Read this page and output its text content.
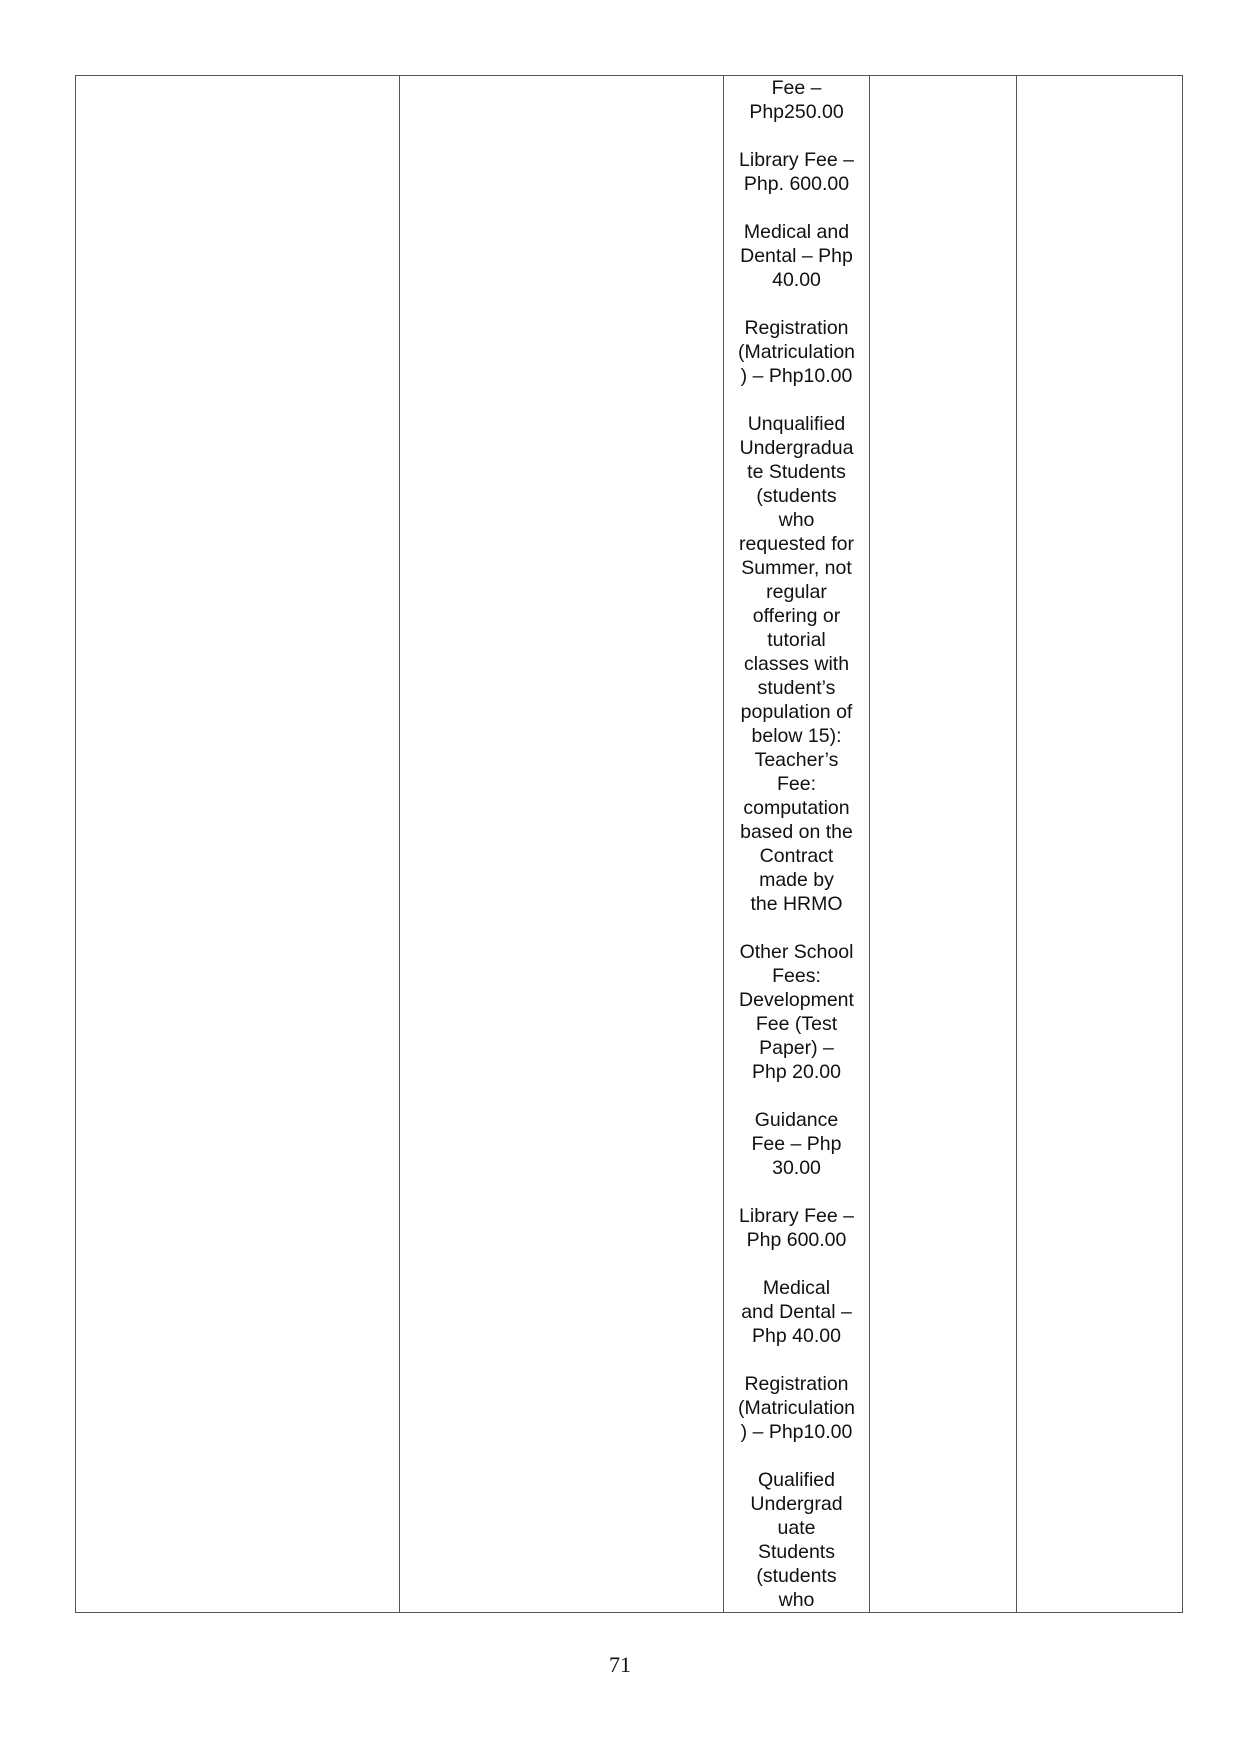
Fee –
Php250.00
Library Fee –
Php. 600.00
Medical and
Dental – Php
40.00
Registration
(Matriculation
) – Php10.00
Unqualified
Undergradua
te Students
(students
who
requested for
Summer, not
regular
offering or
tutorial
classes with
student’s
population of
below 15):
Teacher’s
Fee:
computation
based on the
Contract
made by
the HRMO
Other School
Fees:
Development
Fee (Test
Paper) –
Php 20.00
Guidance
Fee – Php
30.00
Library Fee –
Php 600.00
Medical
and Dental –
Php 40.00
Registration
(Matriculation
) – Php10.00
Qualified
Undergrad
uate
Students
(students
who

71
